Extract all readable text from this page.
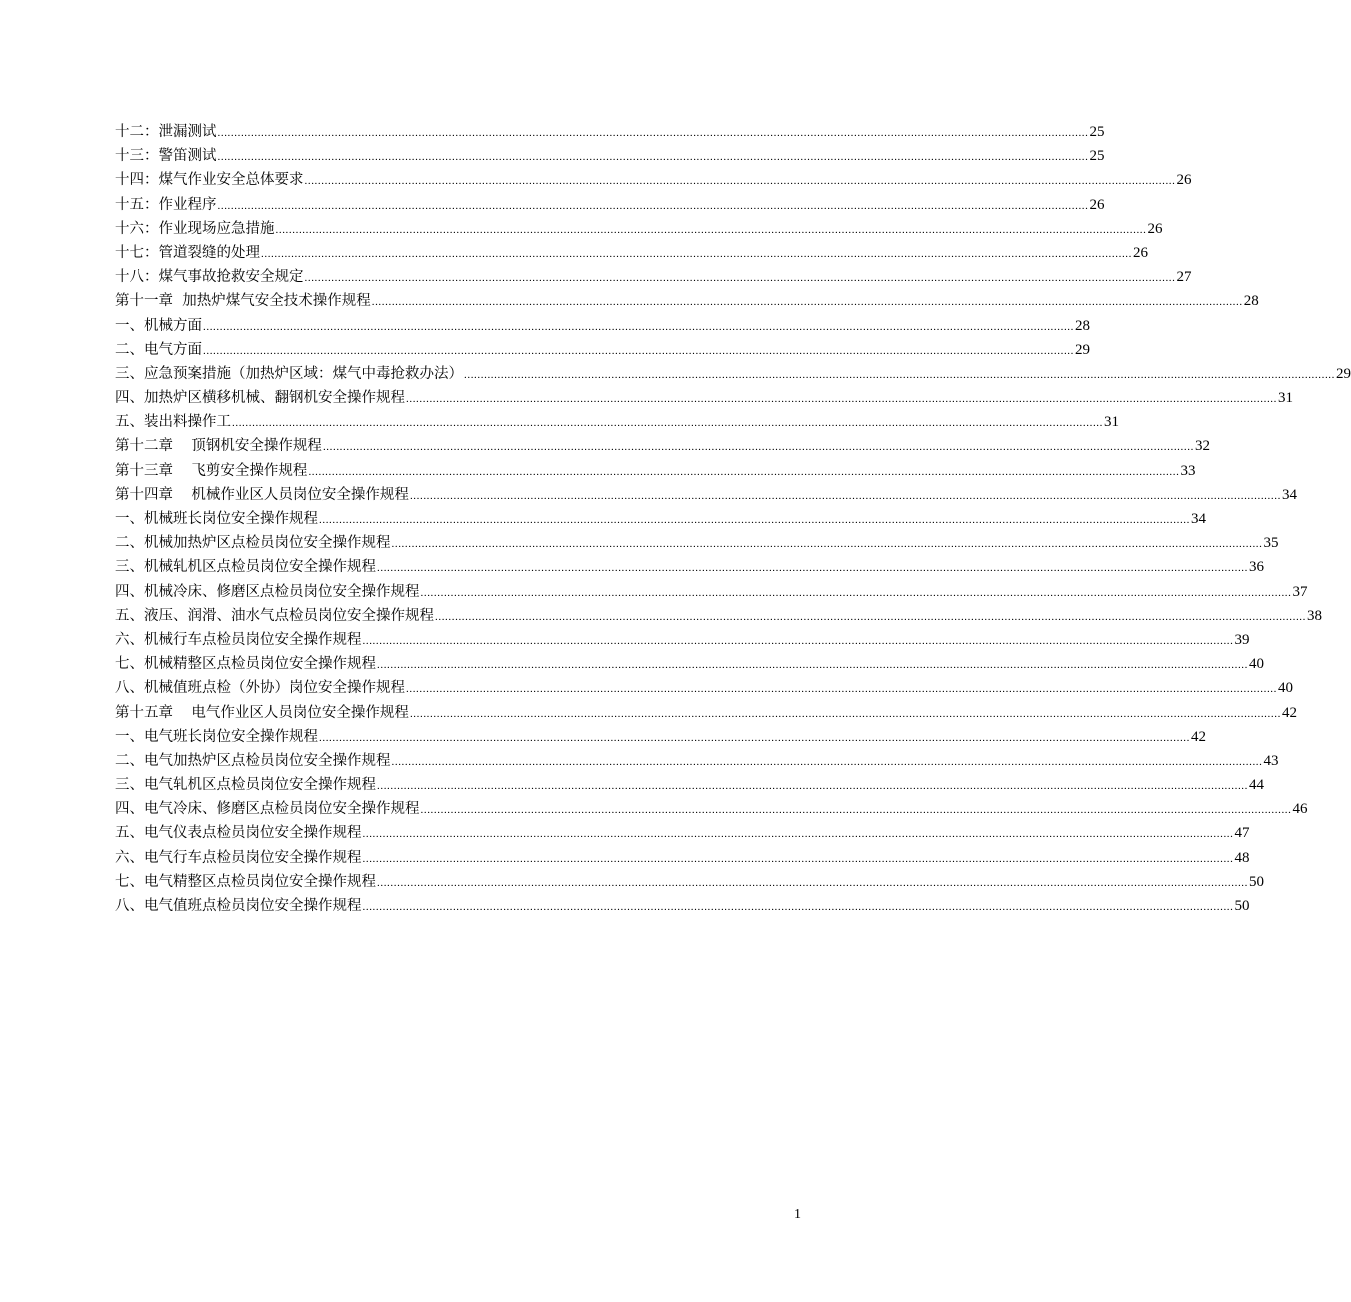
十二：泄漏测试 .................................................................................................................................................................................................................................................................... 25
十三：警笛测试 .................................................................................................................................................................................................................................................................... 25
十四：煤气作业安全总体要求 .................................................................................................................................................................................................................................................................... 26
十五：作业程序 .................................................................................................................................................................................................................................................................... 26
十六：作业现场应急措施 .................................................................................................................................................................................................................................................................... 26
十七：管道裂缝的处理 .................................................................................................................................................................................................................................................................... 26
十八：煤气事故抢救安全规定 .................................................................................................................................................................................................................................................................... 27
第十一章  加热炉煤气安全技术操作规程 .................................................................................................................................................................................................................................................................... 28
一、机械方面 .................................................................................................................................................................................................................................................................... 28
二、电气方面 .................................................................................................................................................................................................................................................................... 29
三、应急预案措施（加热炉区域：煤气中毒抢救办法） .................................................................................................................................................................................................................................................................... 29
四、加热炉区横移机械、翻钢机安全操作规程 .................................................................................................................................................................................................................................................................... 31
五、装出料操作工 .................................................................................................................................................................................................................................................................... 31
第十二章    顶钢机安全操作规程 .................................................................................................................................................................................................................................................................... 32
第十三章    飞剪安全操作规程 .................................................................................................................................................................................................................................................................... 33
第十四章    机械作业区人员岗位安全操作规程 .................................................................................................................................................................................................................................................................... 34
一、机械班长岗位安全操作规程 .................................................................................................................................................................................................................................................................... 34
二、机械加热炉区点检员岗位安全操作规程 .................................................................................................................................................................................................................................................................... 35
三、机械轧机区点检员岗位安全操作规程 .................................................................................................................................................................................................................................................................... 36
四、机械冷床、修磨区点检员岗位安全操作规程 .................................................................................................................................................................................................................................................................... 37
五、液压、润滑、油水气点检员岗位安全操作规程 .................................................................................................................................................................................................................................................................... 38
六、机械行车点检员岗位安全操作规程 .................................................................................................................................................................................................................................................................... 39
七、机械精整区点检员岗位安全操作规程 .................................................................................................................................................................................................................................................................... 40
八、机械值班点检（外协）岗位安全操作规程 .................................................................................................................................................................................................................................................................... 40
第十五章    电气作业区人员岗位安全操作规程 .................................................................................................................................................................................................................................................................... 42
一、电气班长岗位安全操作规程 .................................................................................................................................................................................................................................................................... 42
二、电气加热炉区点检员岗位安全操作规程 .................................................................................................................................................................................................................................................................... 43
三、电气轧机区点检员岗位安全操作规程 .................................................................................................................................................................................................................................................................... 44
四、电气冷床、修磨区点检员岗位安全操作规程 .................................................................................................................................................................................................................................................................... 46
五、电气仪表点检员岗位安全操作规程 .................................................................................................................................................................................................................................................................... 47
六、电气行车点检员岗位安全操作规程 .................................................................................................................................................................................................................................................................... 48
七、电气精整区点检员岗位安全操作规程 .................................................................................................................................................................................................................................................................... 50
八、电气值班点检员岗位安全操作规程 .................................................................................................................................................................................................................................................................... 50
1
